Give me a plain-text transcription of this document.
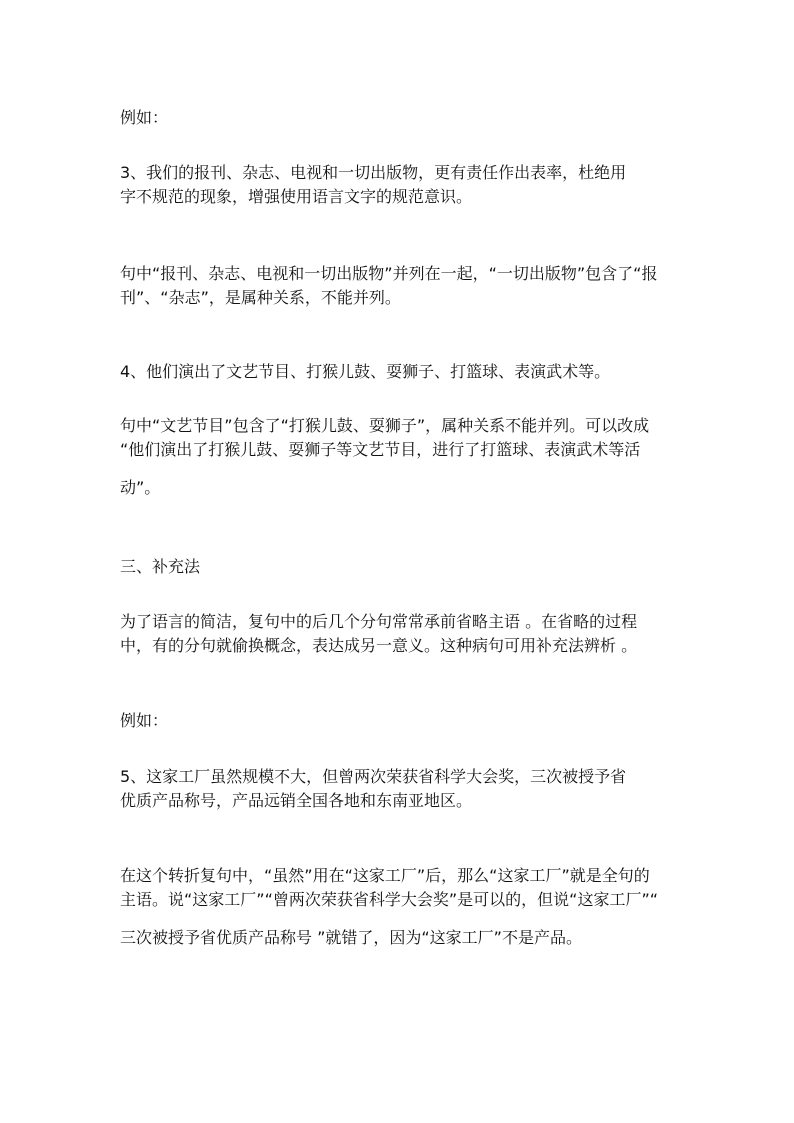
例如：

3、我们的报刊、杂志、电视和一切出版物，更有责任作出表率，杜绝用
字不规范的现象，增强使用语言文字的规范意识。

句中“报刊、杂志、电视和一切出版物”并列在一起，“一切出版物”包含了“报
刊”、“杂志”，是属种关系，不能并列。

4、他们演出了文艺节目、打猴儿鼓、耍狮子、打篮球、表演武术等。

句中“文艺节目”包含了“打猴儿鼓、耍狮子”，属种关系不能并列。可以改成
“他们演出了打猴儿鼓、耍狮子等文艺节目，进行了打篮球、表演武术等活
动”。

三、补充法

为了语言的简洁，复句中的后几个分句常常承前省略主语 。在省略的过程
中，有的分句就偷换概念，表达成另一意义。这种病句可用补充法辨析 。

例如：

5、这家工厂虽然规模不大，但曾两次荣获省科学大会奖，三次被授予省
优质产品称号，产品远销全国各地和东南亚地区。

在这个转折复句中，“虽然”用在“这家工厂”后，那么“这家工厂”就是全句的
主语。说“这家工厂”“曾两次荣获省科学大会奖”是可以的，但说“这家工厂”“
三次被授予省优质产品称号 ”就错了，因为“这家工厂”不是产品。
